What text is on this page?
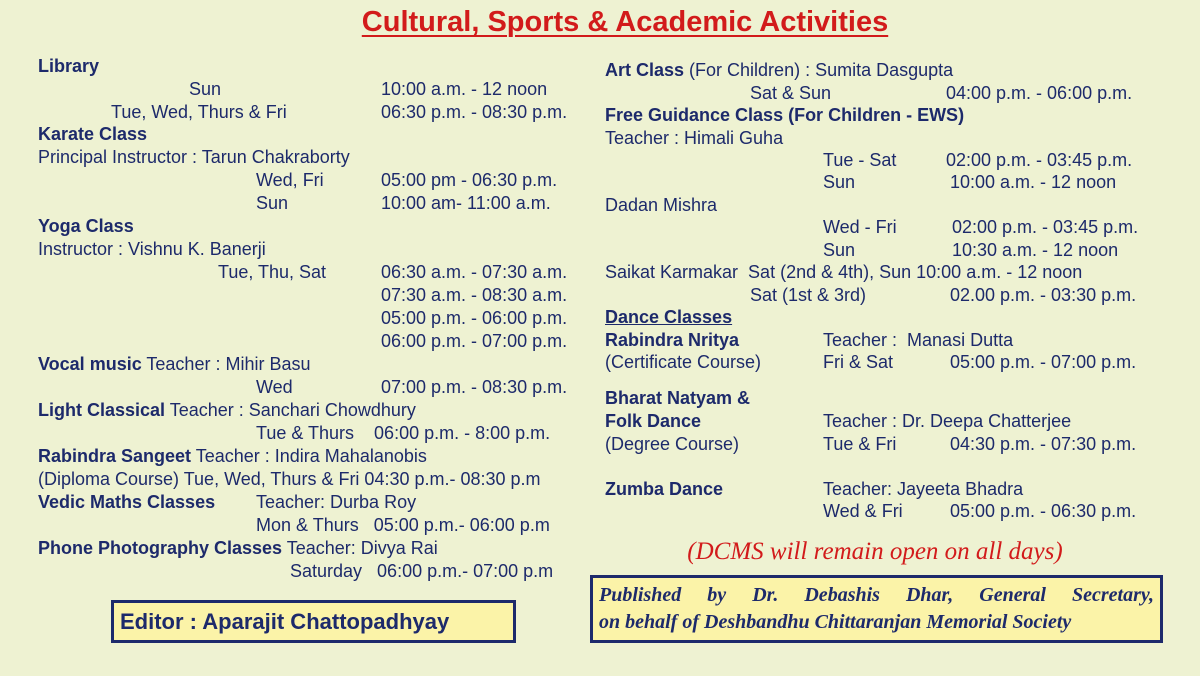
Cultural, Sports & Academic Activities
Library
Sun	10:00 a.m. - 12 noon
Tue, Wed, Thurs & Fri	06:30 p.m. - 08:30 p.m.
Karate Class
Principal Instructor : Tarun Chakraborty
Wed, Fri	05:00 pm - 06:30 p.m.
Sun	10:00 am- 11:00 a.m.
Yoga Class
Instructor : Vishnu K. Banerji
Tue, Thu, Sat	06:30 a.m. - 07:30 a.m.
07:30 a.m. - 08:30 a.m.
05:00 p.m. - 06:00 p.m.
06:00 p.m. - 07:00 p.m.
Vocal music Teacher : Mihir Basu
Wed	07:00 p.m. - 08:30 p.m.
Light Classical Teacher : Sanchari Chowdhury
Tue & Thurs    06:00 p.m. - 8:00 p.m.
Rabindra Sangeet Teacher : Indira Mahalanobis
(Diploma Course) Tue, Wed, Thurs & Fri 04:30 p.m.- 08:30 p.m
Vedic Maths Classes Teacher: Durba Roy
Mon & Thurs   05:00 p.m.- 06:00 p.m
Phone Photography Classes Teacher: Divya Rai
Saturday   06:00 p.m.- 07:00 p.m
Art Class (For Children) : Sumita Dasgupta
Sat & Sun	04:00 p.m. - 06:00 p.m.
Free Guidance Class (For Children - EWS)
Teacher : Himali Guha
Tue - Sat	02:00 p.m. - 03:45 p.m.
Sun	10:00 a.m. - 12 noon
Dadan Mishra
Wed - Fri	02:00 p.m. - 03:45 p.m.
Sun	10:30 a.m. - 12 noon
Saikat Karmakar  Sat (2nd & 4th), Sun 10:00 a.m. - 12 noon
Sat (1st & 3rd)	02.00 p.m. - 03:30 p.m.
Dance Classes
Rabindra Nritya	Teacher :  Manasi Dutta
(Certificate Course)	Fri & Sat	05:00 p.m. - 07:00 p.m.
Bharat Natyam &
Folk Dance	Teacher : Dr. Deepa Chatterjee
(Degree Course)	Tue & Fri	04:30 p.m. - 07:30 p.m.
Zumba Dance	Teacher: Jayeeta Bhadra
Wed & Fri	05:00 p.m. - 06:30 p.m.
(DCMS will remain open on all days)
Editor : Aparajit Chattopadhyay
Published by Dr. Debashis Dhar, General Secretary,
on behalf of Deshbandhu Chittaranjan Memorial Society
